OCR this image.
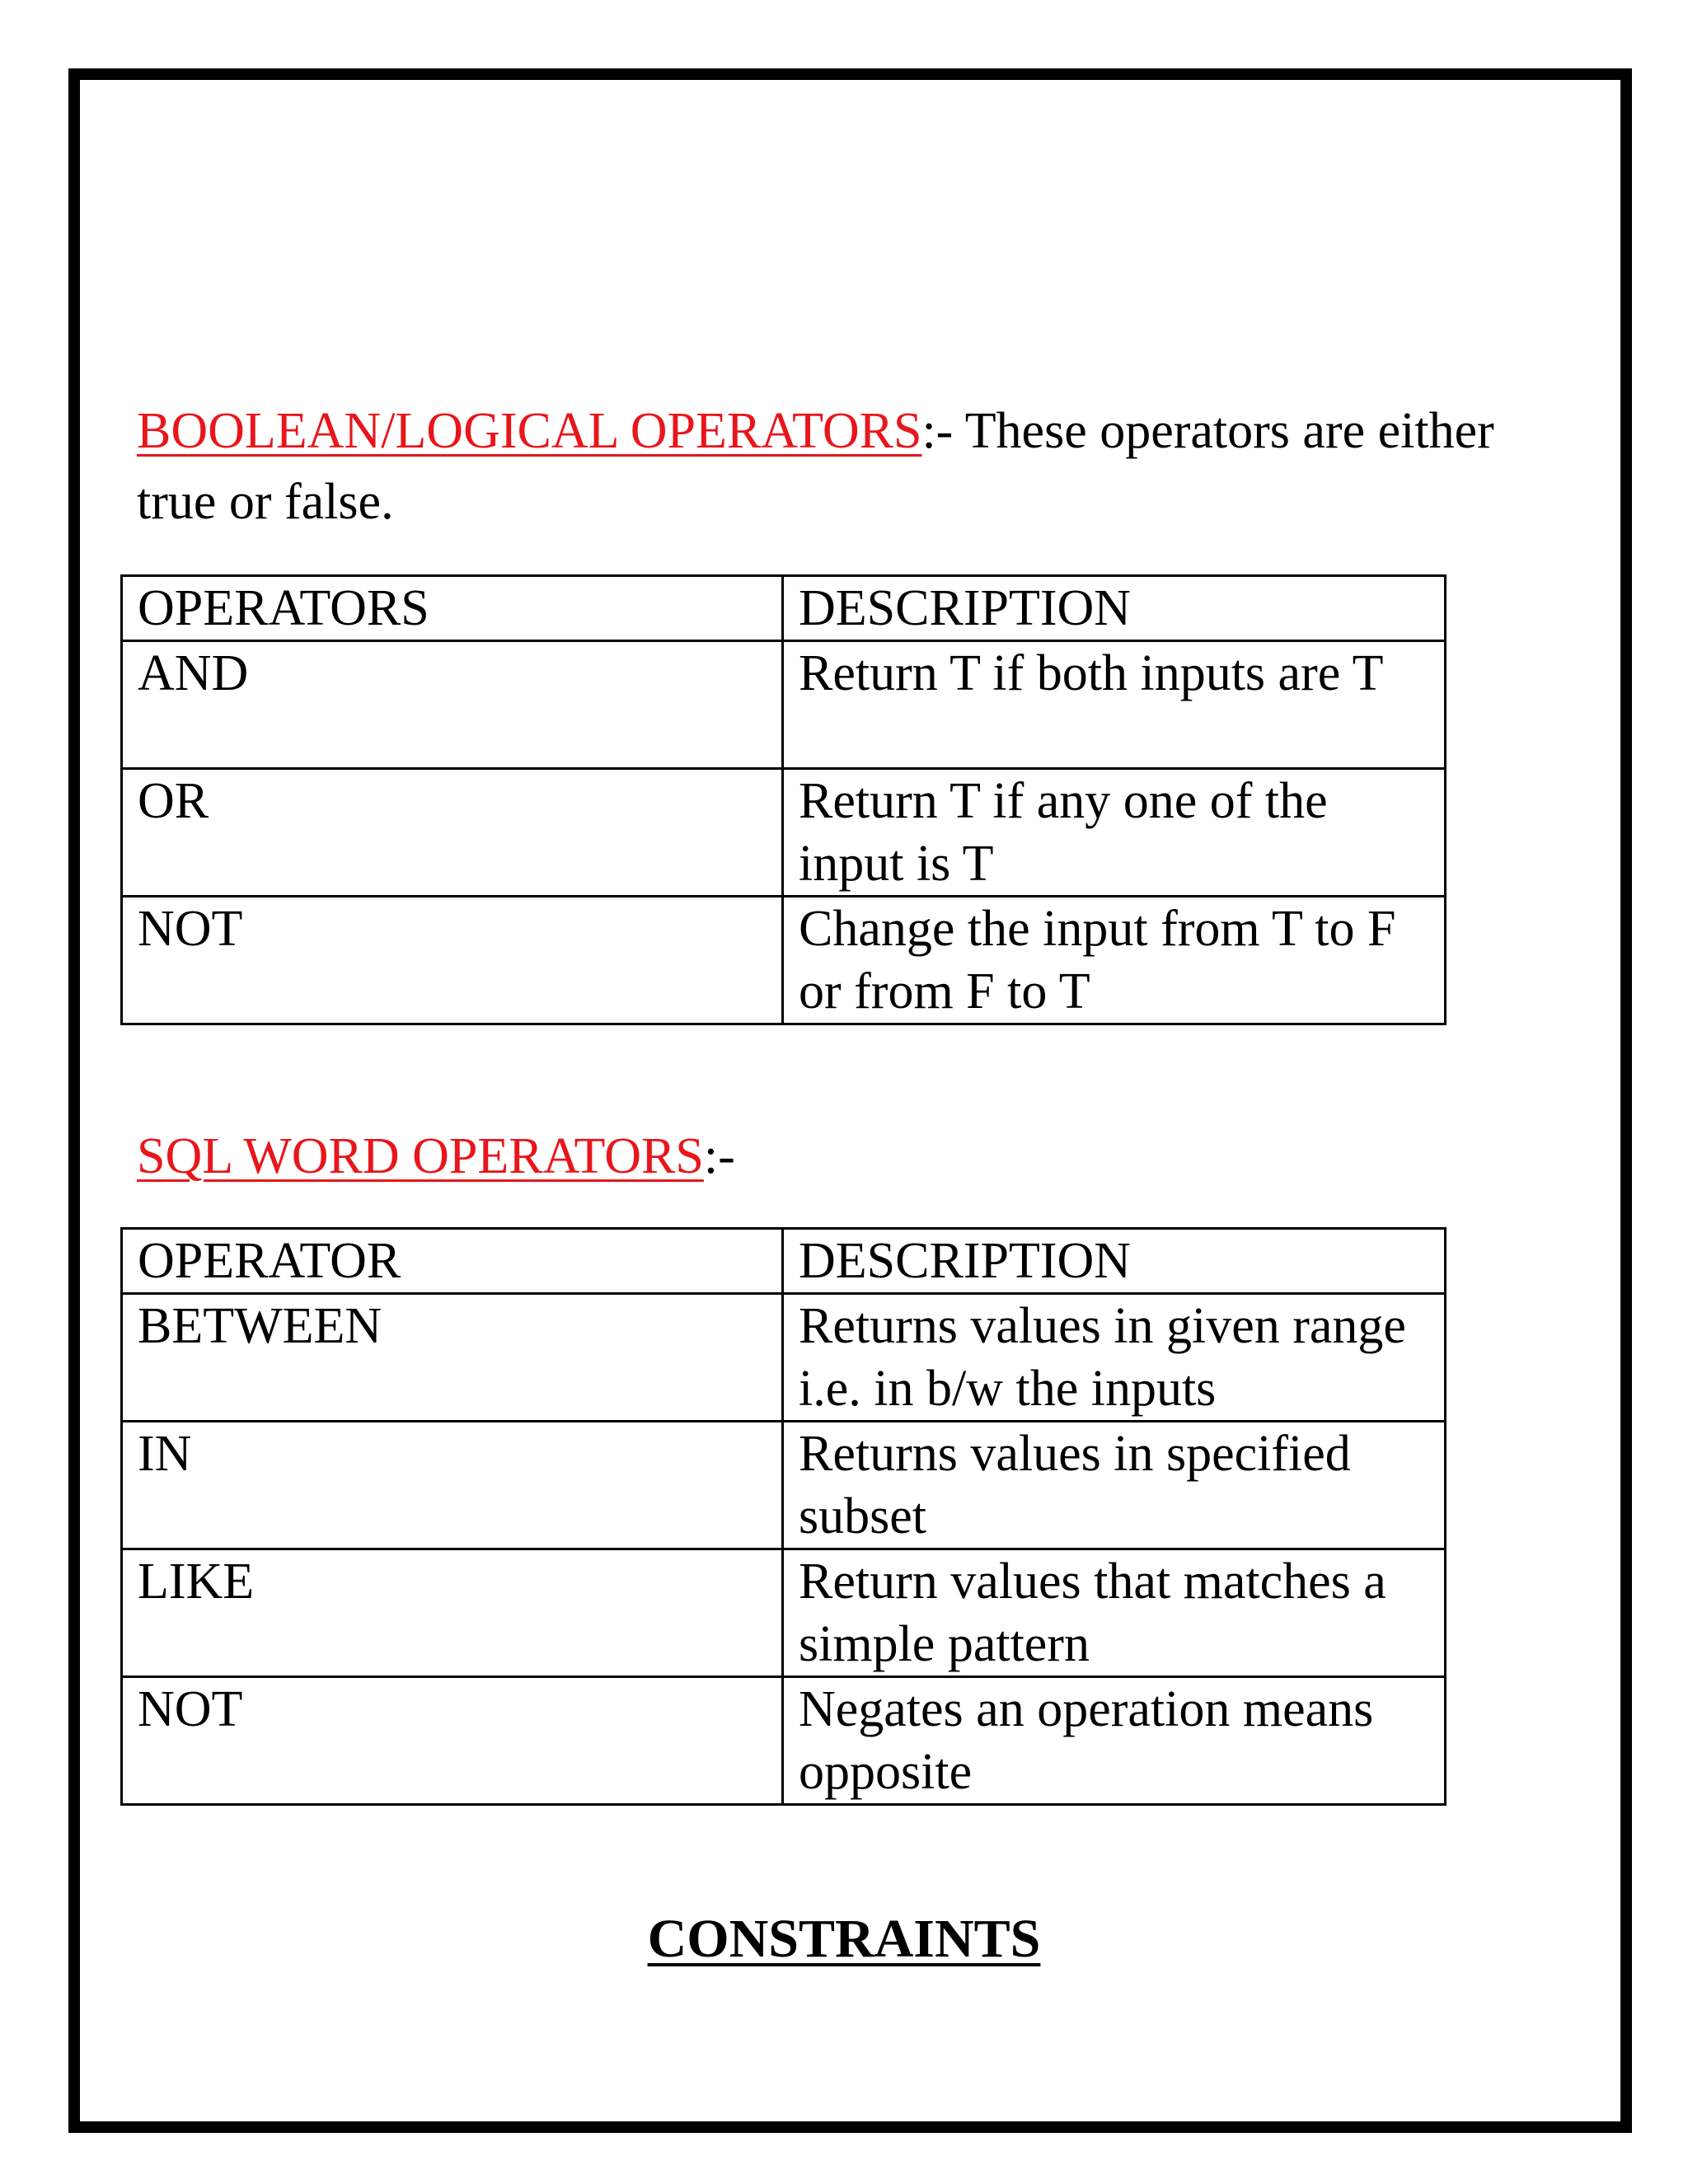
BOOLEAN/LOGICAL OPERATORS:- These operators are either true or false.
OPERATORS	DESCRIPTION
AND	Return T if both inputs are T
OR	Return T if any one of the input is T
NOT	Change the input from T to F or from F to T
SQL WORD OPERATORS:-
OPERATOR	DESCRIPTION
BETWEEN	Returns values in given range i.e. in b/w the inputs
IN	Returns values in specified subset
LIKE	Return values that matches a simple pattern
NOT	Negates an operation means opposite
CONSTRAINTS
